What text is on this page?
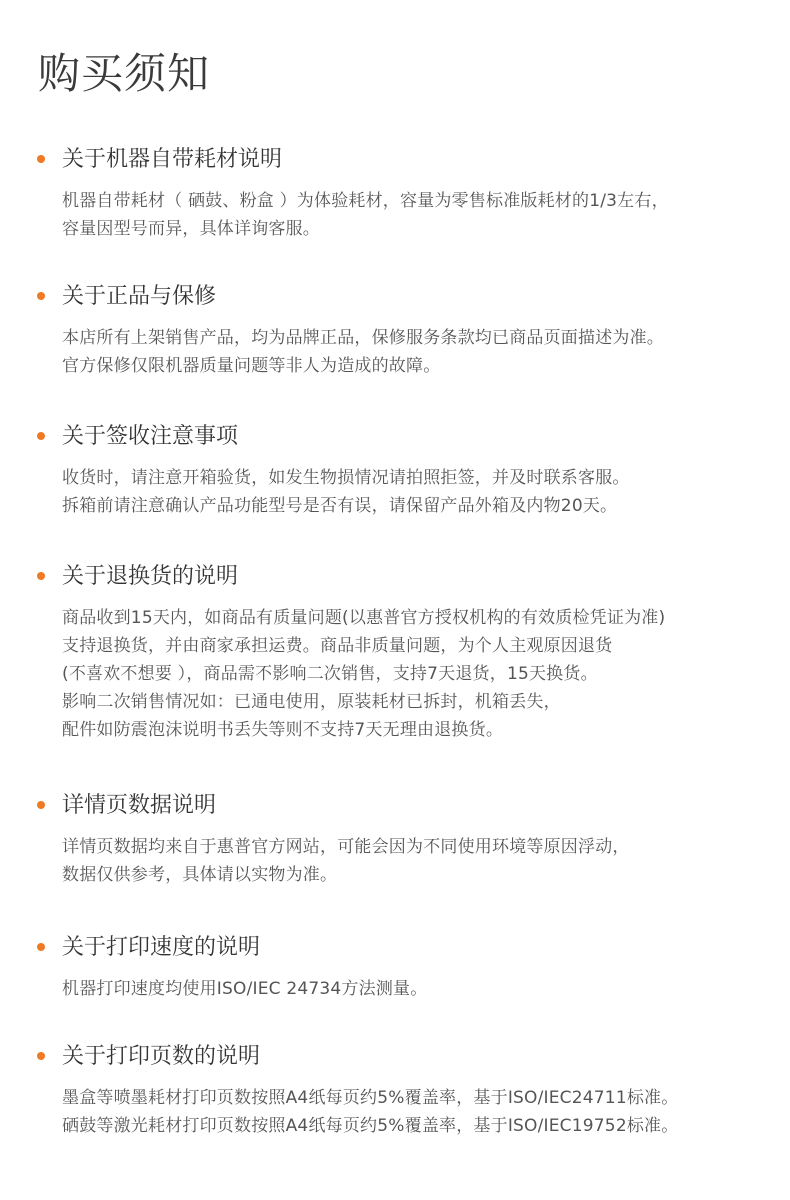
购买须知
关于机器自带耗材说明
机器自带耗材（ 硒鼓、粉盒 ）为体验耗材，容量为零售标准版耗材的1/3左右，
容量因型号而异，具体详询客服。
关于正品与保修
本店所有上架销售产品，均为品牌正品，保修服务条款均已商品页面描述为准。
官方保修仅限机器质量问题等非人为造成的故障。
关于签收注意事项
收货时，请注意开箱验货，如发生物损情况请拍照拒签，并及时联系客服。
拆箱前请注意确认产品功能型号是否有误，请保留产品外箱及内物20天。
关于退换货的说明
商品收到15天内，如商品有质量问题(以惠普官方授权机构的有效质检凭证为准)
支持退换货，并由商家承担运费。商品非质量问题，为个人主观原因退货
(不喜欢不想要 ），商品需不影响二次销售，支持7天退货，15天换货。
影响二次销售情况如：已通电使用，原装耗材已拆封，机箱丢失，
配件如防震泡沫说明书丢失等则不支持7天无理由退换货。
详情页数据说明
详情页数据均来自于惠普官方网站，可能会因为不同使用环境等原因浮动，
数据仅供参考，具体请以实物为准。
关于打印速度的说明
机器打印速度均使用ISO/IEC 24734方法测量。
关于打印页数的说明
墨盒等喷墨耗材打印页数按照A4纸每页约5%覆盖率，基于ISO/IEC24711标准。
硒鼓等激光耗材打印页数按照A4纸每页约5%覆盖率，基于ISO/IEC19752标准。
